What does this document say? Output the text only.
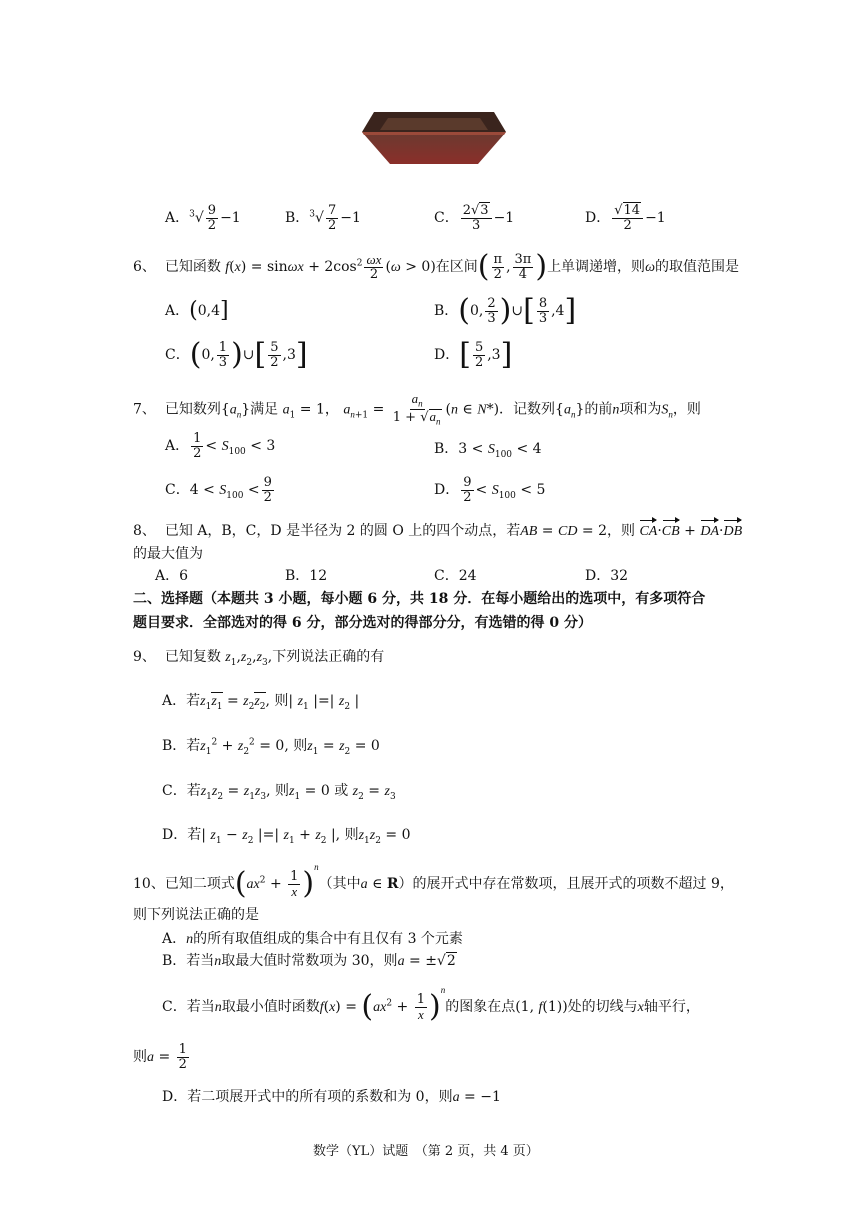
A．$^3√ \frac{9}{2} -1$	B．$^3√ \frac{7}{2} -1$	C． $\frac{2√3}{3} -1$	D． $\frac{√14}{2} -1$
6、 已知函数 $f(x) = \sin\omega x + 2\cos^2 \frac{\omega x}{2} (\omega > 0)$在区间( $\frac{\pi}{2}$ , $\frac{3\pi}{4}$ )上单调递增，则ω的取值范围是
A．(0,4]	B．(0, $\frac{2}{3}$ )∪[ $\frac{8}{3} ,4$]
C．(0, $\frac{1}{3}$ )∪[ $\frac{5}{2} ,3$]	D．[ $\frac{5}{2} ,3$]
7、 已知数列$\{a_n\}$满足 $a_1 = 1$， $a_{n+1} = \frac{a_n}{1 + √a_n} (n$ ∈ N*)．记数列$\{a_n\}$的前n项和为$S_n$，则
A． $\frac{1}{2} < S_{100} < 3$	B．$3 < S_{100} < 4$
C．$4 < S_{100} < \frac{9}{2}$	D． $\frac{9}{2} < S_{100} < 5$
8、 已知 A，B，C，D 是半径为 2 的圆 O 上的四个动点，若AB = CD = 2，则 CA·CB + DA·DB
的最大值为
A．6	B．12	C．24	D．32
二、选择题（本题共 3 小题，每小题 6 分，共 18 分．在每小题给出的选项中，有多项符合
题目要求．全部选对的得 6 分，部分选对的得部分分，有选错的得 0 分）
9、 已知复数 $z_1,z_2,z_3$,下列说法正确的有
A．若$z_1z_1 = z_2z_2$, 则| $z_1$ |=| $z_2$ |
B．若$z_1^2 + z_2^2 = 0$, 则$z_1 = z_2 = 0$
C．若$z_1z_2 = z_1z_3$, 则$z_1 = 0$ 或 $z_2 = z_3$
D．若| $z_1 - z_2$ |=| $z_1 + z_2$ |, 则$z_1z_2 = 0$
10、已知二项式$(ax^2 + \frac{1}{x} )^n$（其中a ∈ R）的展开式中存在常数项，且展开式的项数不超过 9，
则下列说法正确的是
A．n的所有取值组成的集合中有且仅有 3 个元素
B．若当n取最大值时常数项为 30，则a = ±√2
C．若当n取最小值时函数$f(x) = (ax^2 + \frac{1}{x} )^n$的图象在点(1, f(1))处的切线与x轴平行，
则$a = \frac{1}{2}$
D．若二项展开式中的所有项的系数和为 0，则a = −1
数学（YL）试题　（第 2 页，共 4 页）
